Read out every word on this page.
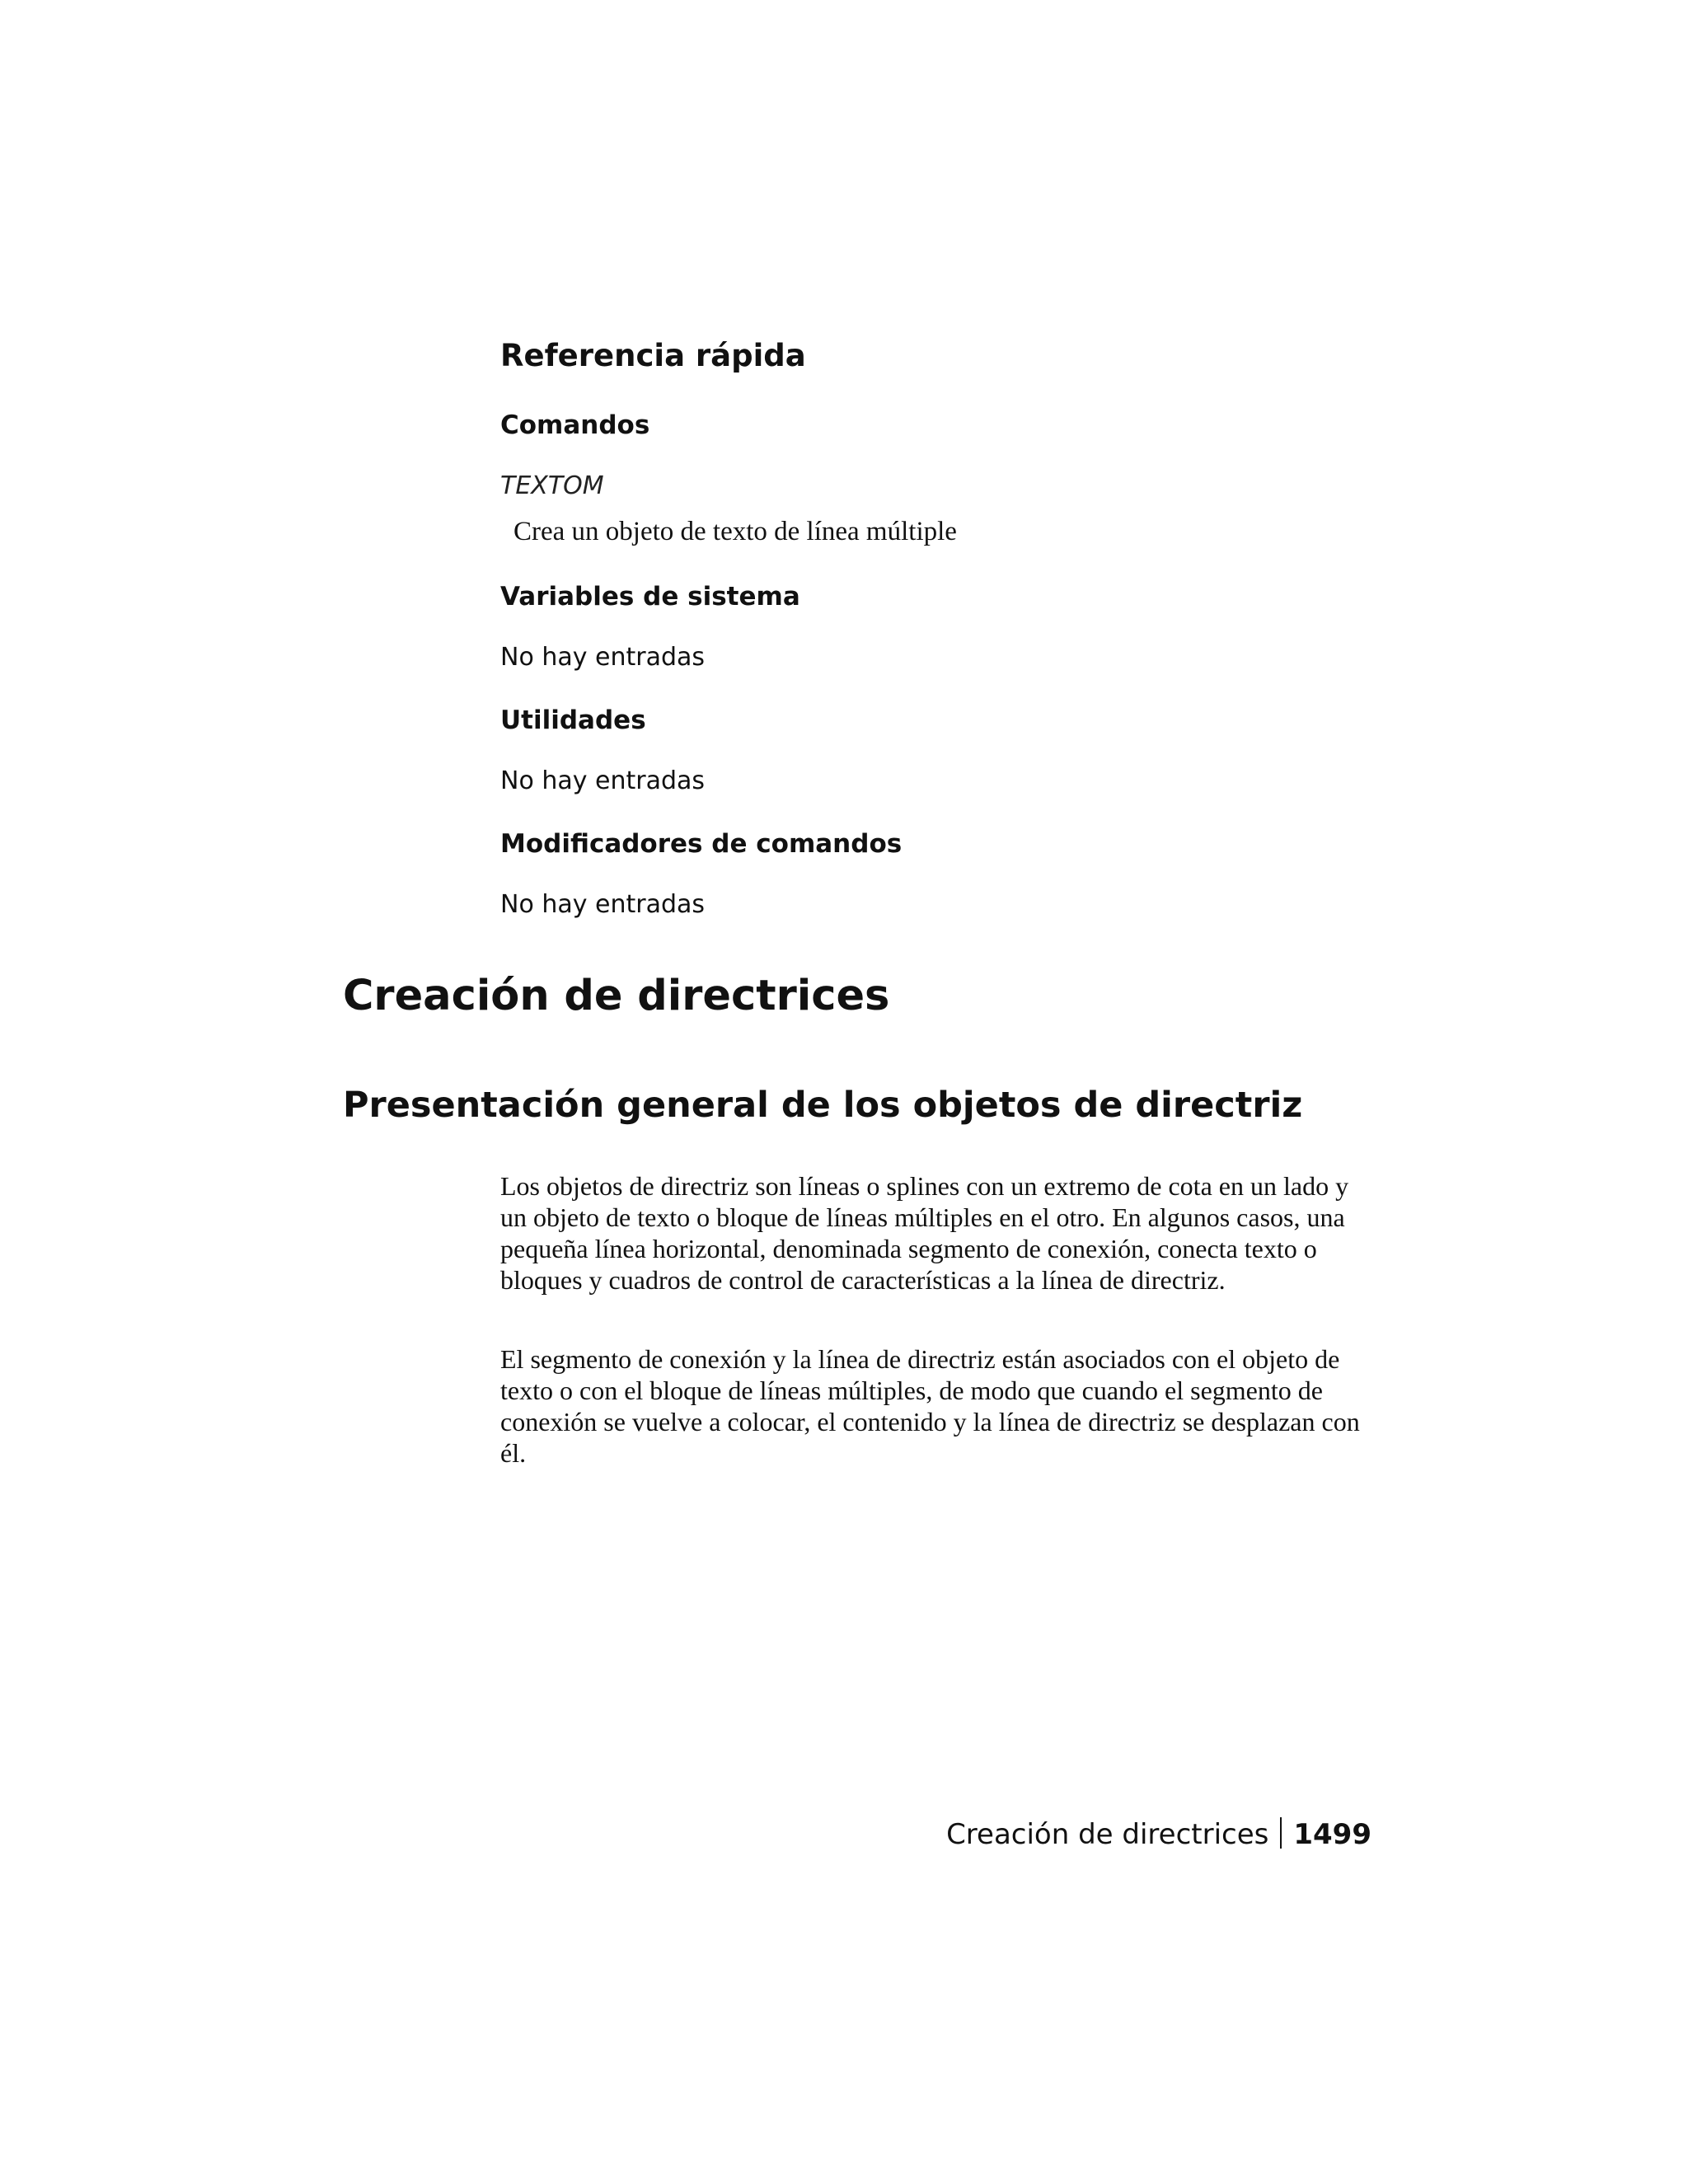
Referencia rápida
Comandos

TEXTOM

Crea un objeto de texto de línea múltiple

Variables de sistema

No hay entradas

Utilidades

No hay entradas

Modificadores de comandos

No hay entradas

Creación de directrices
Presentación general de los objetos de directriz

Los objetos de directriz son líneas o splines con un extremo de cota en un lado y un objeto de texto o bloque de líneas múltiples en el otro. En algunos casos, una pequeña línea horizontal, denominada segmento de conexión, conecta texto o bloques y cuadros de control de características a la línea de directriz.

El segmento de conexión y la línea de directriz están asociados con el objeto de texto o con el bloque de líneas múltiples, de modo que cuando el segmento de conexión se vuelve a colocar, el contenido y la línea de directriz se desplazan con él.

Creación de directrices 1499
